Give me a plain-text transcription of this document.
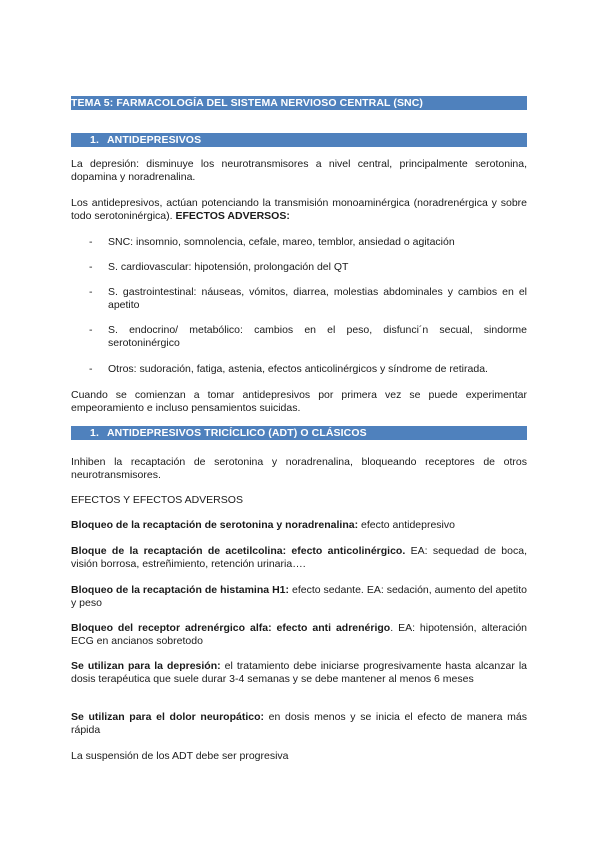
TEMA 5: FARMACOLOGÍA DEL SISTEMA NERVIOSO CENTRAL (SNC)
1. ANTIDEPRESIVOS
La depresión: disminuye los neurotransmisores a nivel central, principalmente serotonina, dopamina y noradrenalina.
Los antidepresivos, actúan potenciando la transmisión monoaminérgica (noradrenérgica y sobre todo serotoninérgica). EFECTOS ADVERSOS:
- SNC: insomnio, somnolencia, cefale, mareo, temblor, ansiedad o agitación
- S. cardiovascular: hipotensión, prolongación del QT
- S. gastrointestinal: náuseas, vómitos, diarrea, molestias abdominales y cambios en el apetito
- S. endocrino/ metabólico: cambios en el peso, disfunci´n secual, sindorme serotoninérgico
- Otros: sudoración, fatiga, astenia, efectos anticolinérgicos y síndrome de retirada.
Cuando se comienzan a tomar antidepresivos por primera vez se puede experimentar empeoramiento e incluso pensamientos suicidas.
1. ANTIDEPRESIVOS TRICÍCLICO (ADT) O CLÁSICOS
Inhiben la recaptación de serotonina y noradrenalina, bloqueando receptores de otros neurotransmisores.
EFECTOS Y EFECTOS ADVERSOS
Bloqueo de la recaptación de serotonina y noradrenalina: efecto antidepresivo
Bloque de la recaptación de acetilcolina: efecto anticolinérgico. EA: sequedad de boca, visión borrosa, estreñimiento, retención urinaria….
Bloqueo de la recaptación de histamina H1: efecto sedante. EA: sedación, aumento del apetito y peso
Bloqueo del receptor adrenérgico alfa: efecto anti adrenérigo. EA: hipotensión, alteración ECG en ancianos sobretodo
Se utilizan para la depresión: el tratamiento debe iniciarse progresivamente hasta alcanzar la dosis terapéutica que suele durar 3-4 semanas y se debe mantener al menos 6 meses
Se utilizan para el dolor neuropático: en dosis menos y se inicia el efecto de manera más rápida
La suspensión de los ADT debe ser progresiva
